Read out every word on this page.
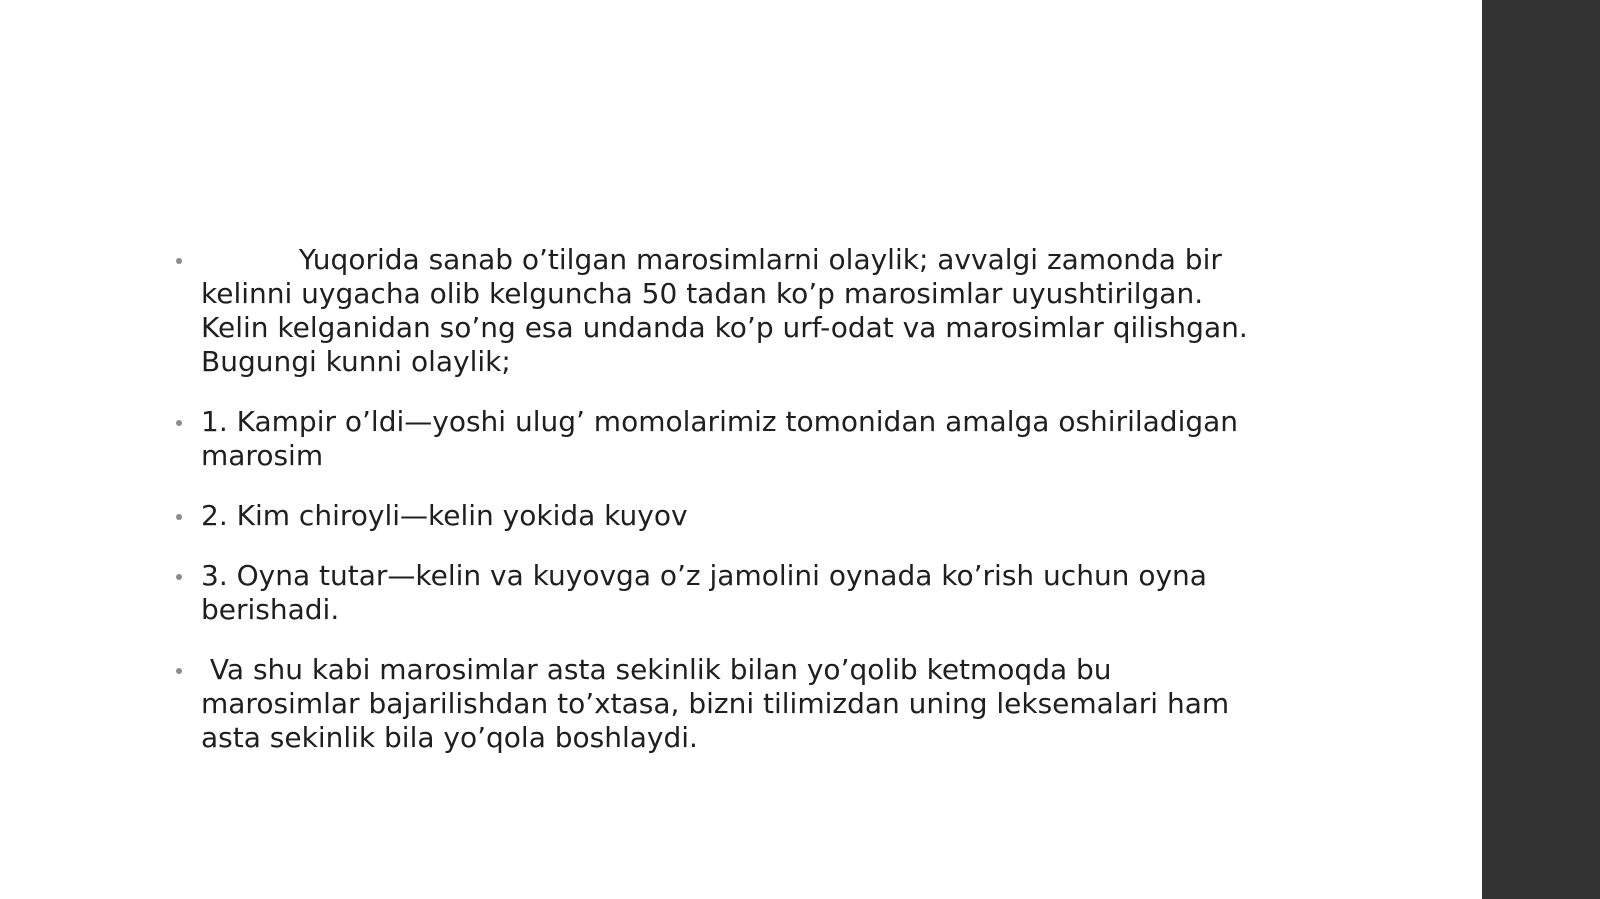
Yuqorida sanab o’tilgan marosimlarni olaylik; avvalgi zamonda bir kelinni uygacha olib kelguncha 50 tadan ko’p marosimlar uyushtirilgan. Kelin kelganidan so’ng esa undanda ko’p urf-odat va marosimlar qilishgan. Bugungi kunni olaylik;
1. Kampir o’ldi—yoshi ulug’ momolarimiz tomonidan amalga oshiriladigan marosim
2. Kim chiroyli—kelin yokida kuyov
3. Oyna tutar—kelin va kuyovga o’z jamolini oynada ko’rish uchun oyna berishadi.
Va shu kabi marosimlar asta sekinlik bilan yo’qolib ketmoqda bu marosimlar bajarilishdan to’xtasa, bizni tilimizdan uning leksemalari ham asta sekinlik bila yo’qola boshlaydi.
